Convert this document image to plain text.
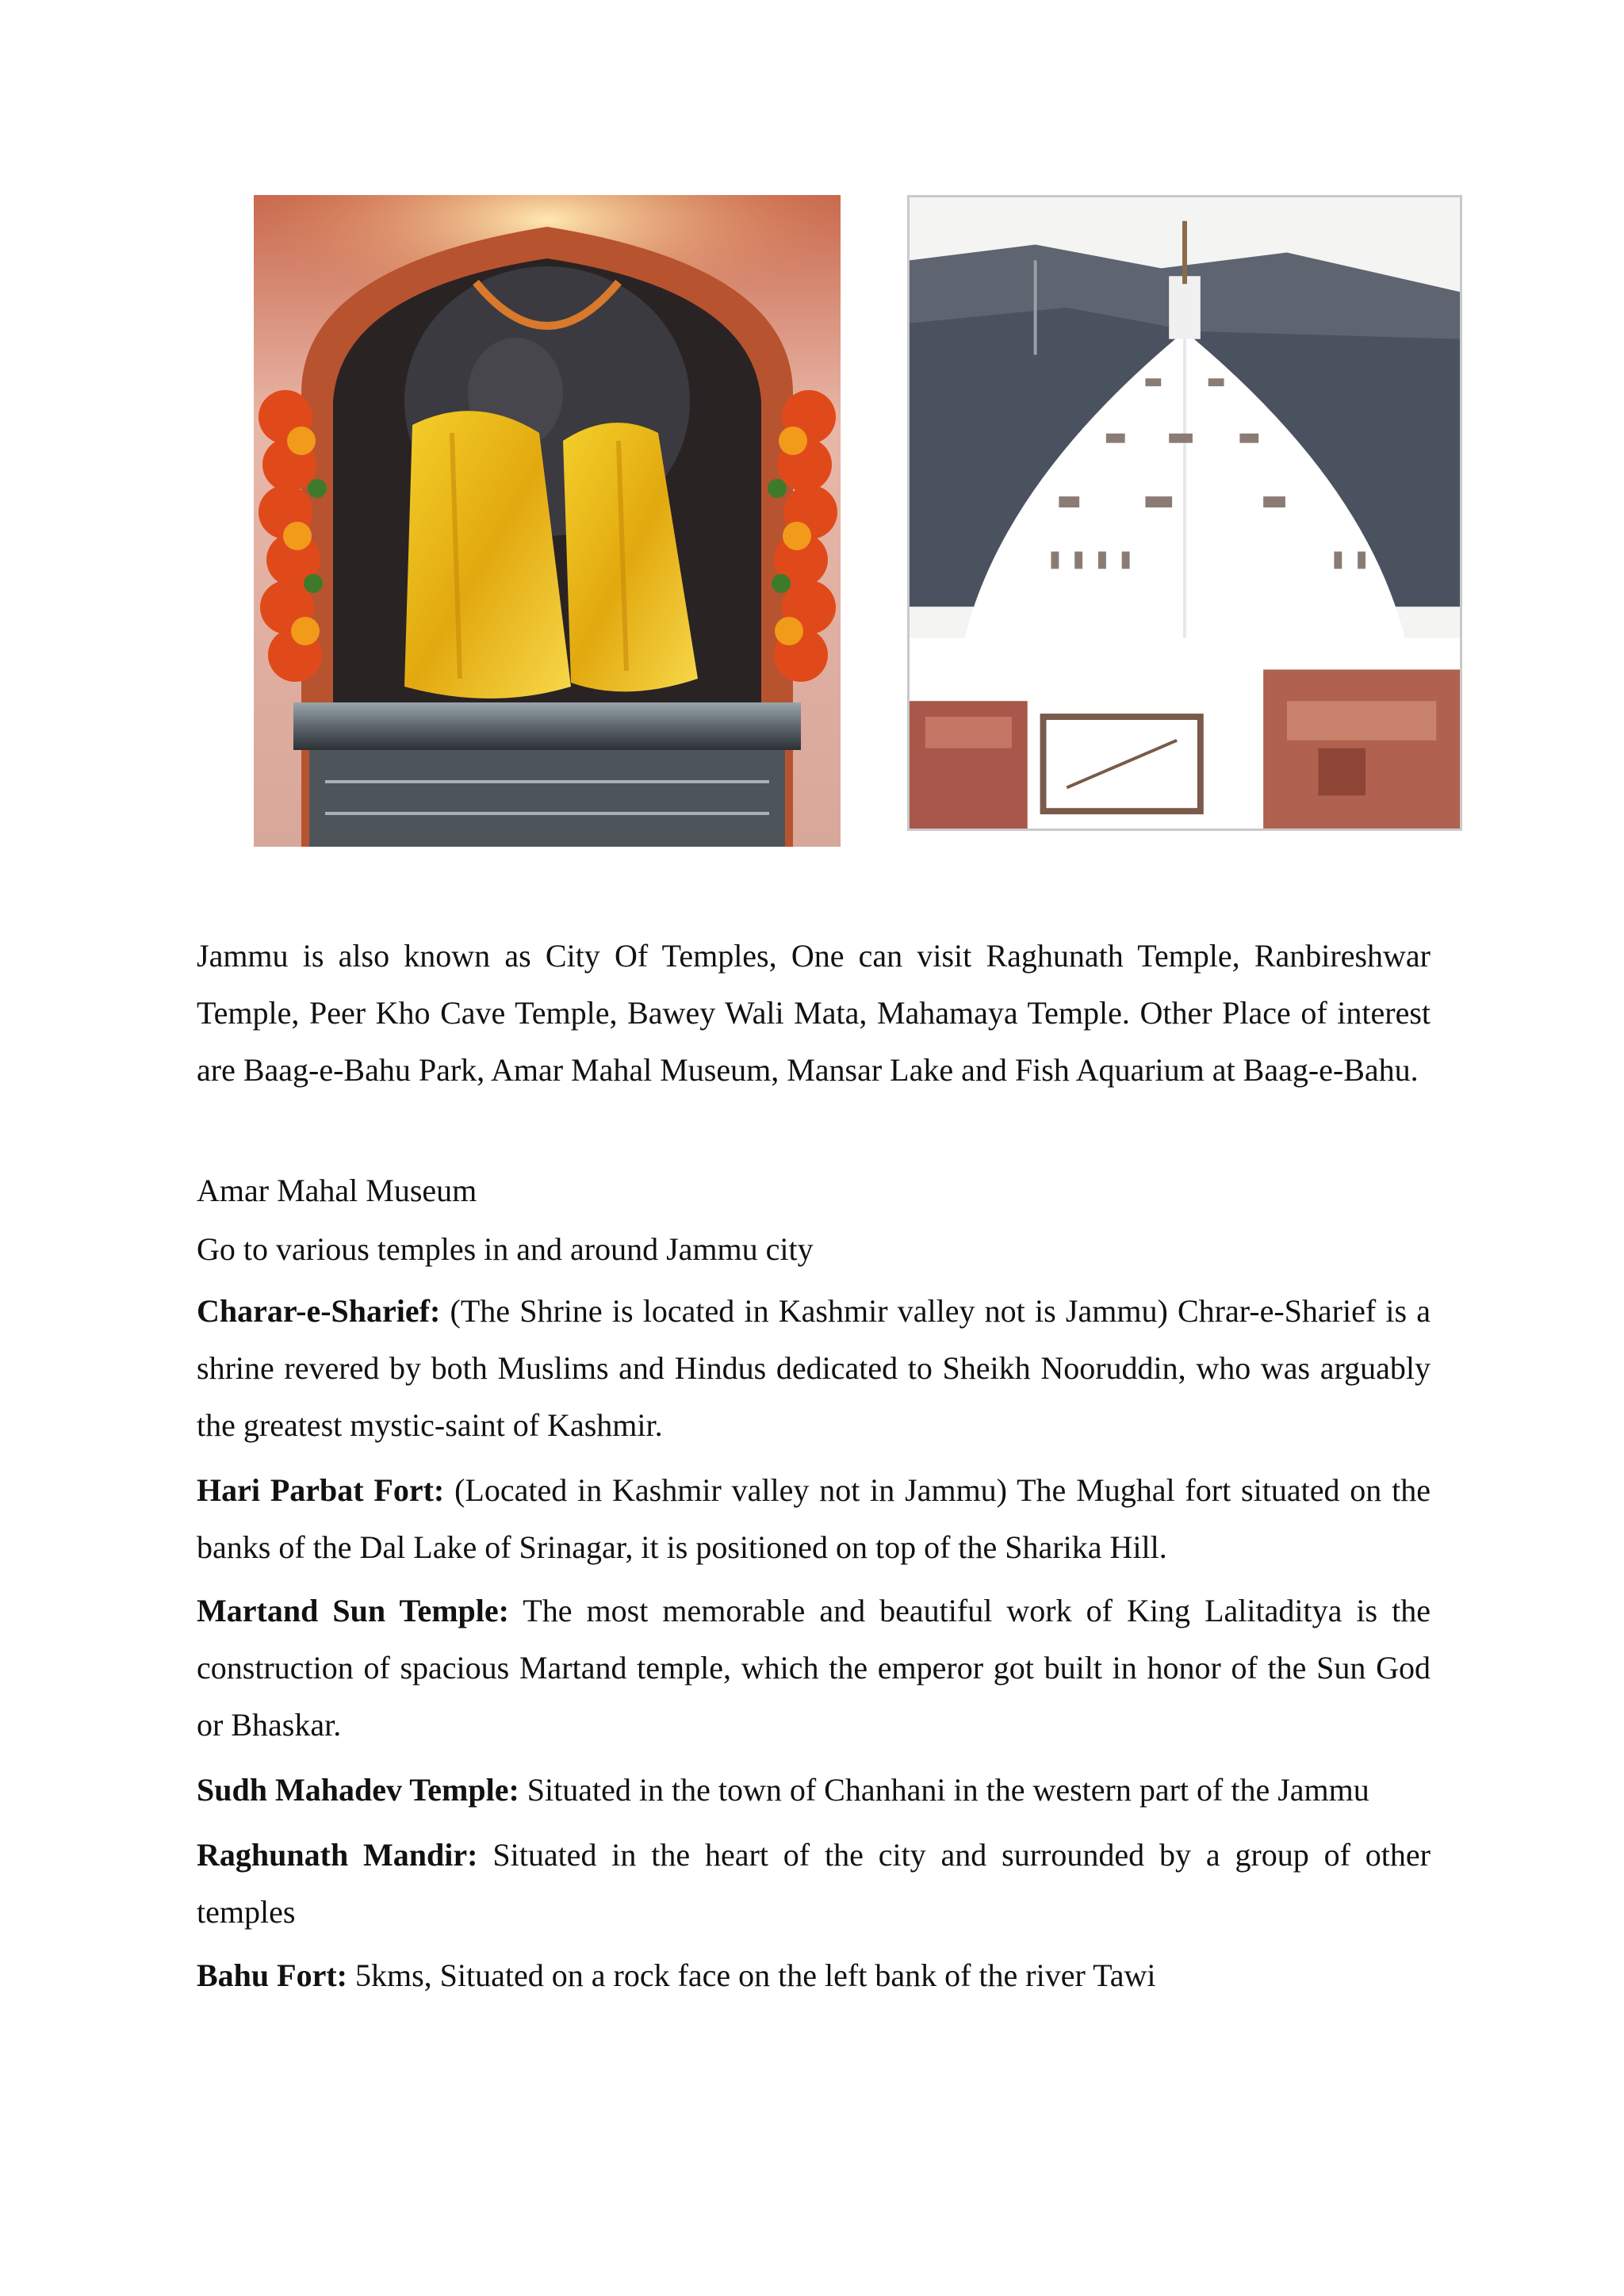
Jammu is also known as City Of Temples, One can visit Raghunath Temple, Ranbireshwar Temple, Peer Kho Cave Temple, Bawey Wali Mata, Mahamaya Temple. Other Place of interest are Baag-e-Bahu Park, Amar Mahal Museum, Mansar Lake and Fish Aquarium at Baag-e-Bahu.

Amar Mahal Museum

Go to various temples in and around Jammu city

Charar-e-Sharief: (The Shrine is located in Kashmir valley not is Jammu) Chrar-e-Sharief is a shrine revered by both Muslims and Hindus dedicated to Sheikh Nooruddin, who was arguably the greatest mystic-saint of Kashmir.

Hari Parbat Fort: (Located in Kashmir valley not in Jammu) The Mughal fort situated on the banks of the Dal Lake of Srinagar, it is positioned on top of the Sharika Hill.

Martand Sun Temple: The most memorable and beautiful work of King Lalitaditya is the construction of spacious Martand temple, which the emperor got built in honor of the Sun God or Bhaskar.

Sudh Mahadev Temple: Situated in the town of Chanhani in the western part of the Jammu

Raghunath Mandir: Situated in the heart of the city and surrounded by a group of other temples

Bahu Fort: 5kms, Situated on a rock face on the left bank of the river Tawi
